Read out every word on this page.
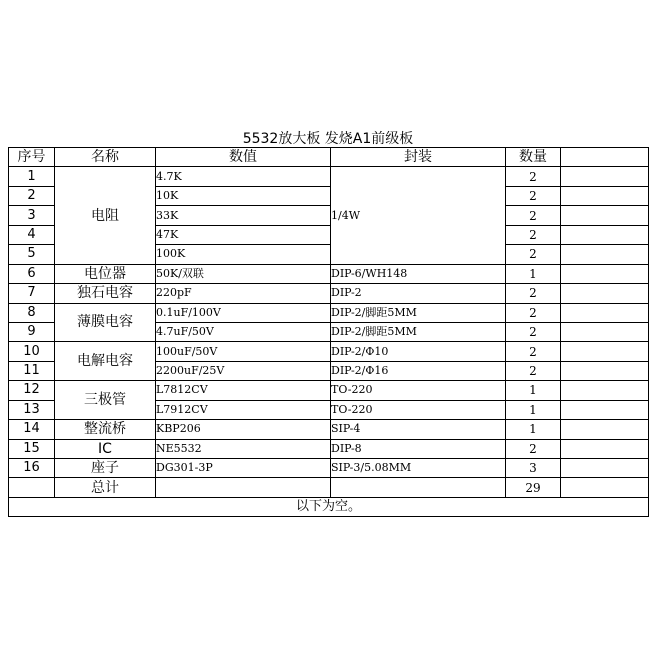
5532放大板 发烧A1前级板
序号	名称	数值	封装	数量	
1	电阻	4.7K	1/4W	2	
2		10K		2	
3		33K		2	
4		47K		2	
5		100K		2	
6	电位器	50K/双联	DIP-6/WH148	1	
7	独石电容	220pF	DIP-2	2	
8	薄膜电容	0.1uF/100V	DIP-2/脚距5MM	2	
9		4.7uF/50V	DIP-2/脚距5MM	2	
10	电解电容	100uF/50V	DIP-2/Φ10	2	
11		2200uF/25V	DIP-2/Φ16	2	
12	三极管	L7812CV	TO-220	1	
13		L7912CV	TO-220	1	
14	整流桥	KBP206	SIP-4	1	
15	IC	NE5532	DIP-8	2	
16	座子	DG301-3P	SIP-3/5.08MM	3	
	总计			29	
以下为空。					
